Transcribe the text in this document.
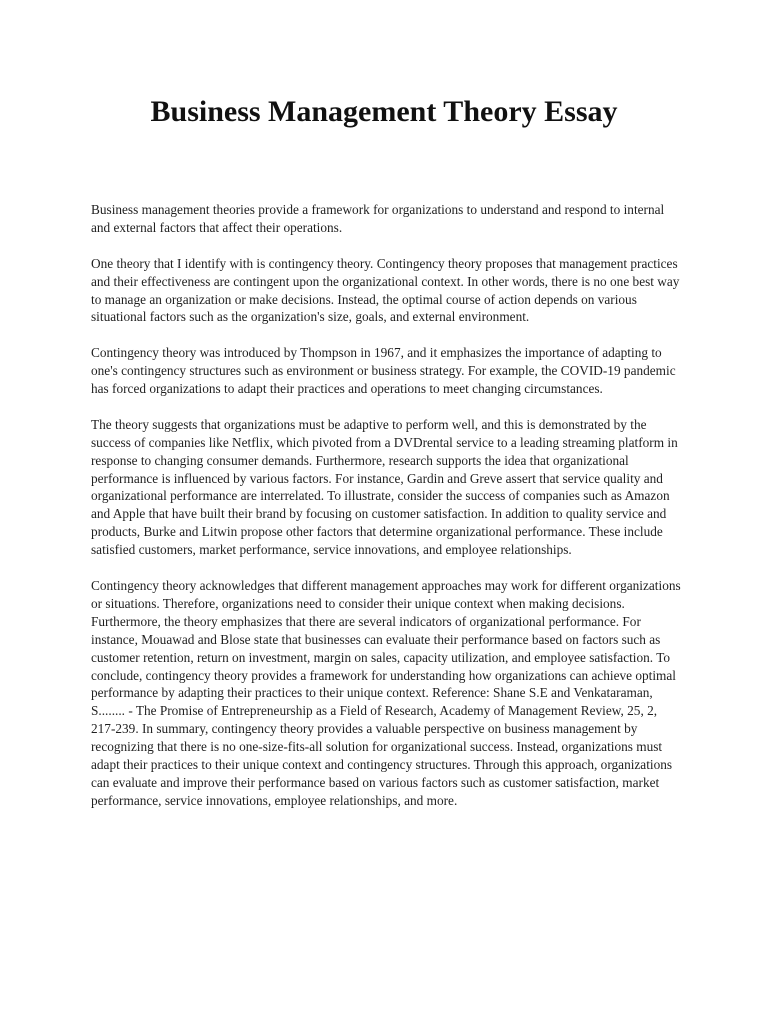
Business Management Theory Essay

Business management theories provide a framework for organizations to understand and respond to internal and external factors that affect their operations.

One theory that I identify with is contingency theory. Contingency theory proposes that management practices and their effectiveness are contingent upon the organizational context. In other words, there is no one best way to manage an organization or make decisions. Instead, the optimal course of action depends on various situational factors such as the organization's size, goals, and external environment.

Contingency theory was introduced by Thompson in 1967, and it emphasizes the importance of adapting to one's contingency structures such as environment or business strategy. For example, the COVID-19 pandemic has forced organizations to adapt their practices and operations to meet changing circumstances.

The theory suggests that organizations must be adaptive to perform well, and this is demonstrated by the success of companies like Netflix, which pivoted from a DVDrental service to a leading streaming platform in response to changing consumer demands. Furthermore, research supports the idea that organizational performance is influenced by various factors. For instance, Gardin and Greve assert that service quality and organizational performance are interrelated. To illustrate, consider the success of companies such as Amazon and Apple that have built their brand by focusing on customer satisfaction. In addition to quality service and products, Burke and Litwin propose other factors that determine organizational performance. These include satisfied customers, market performance, service innovations, and employee relationships.

Contingency theory acknowledges that different management approaches may work for different organizations or situations. Therefore, organizations need to consider their unique context when making decisions. Furthermore, the theory emphasizes that there are several indicators of organizational performance. For instance, Mouawad and Blose state that businesses can evaluate their performance based on factors such as customer retention, return on investment, margin on sales, capacity utilization, and employee satisfaction. To conclude, contingency theory provides a framework for understanding how organizations can achieve optimal performance by adapting their practices to their unique context. Reference: Shane S.E and Venkataraman, S........ - The Promise of Entrepreneurship as a Field of Research, Academy of Management Review, 25, 2, 217-239. In summary, contingency theory provides a valuable perspective on business management by recognizing that there is no one-size-fits-all solution for organizational success. Instead, organizations must adapt their practices to their unique context and contingency structures. Through this approach, organizations can evaluate and improve their performance based on various factors such as customer satisfaction, market performance, service innovations, employee relationships, and more.
